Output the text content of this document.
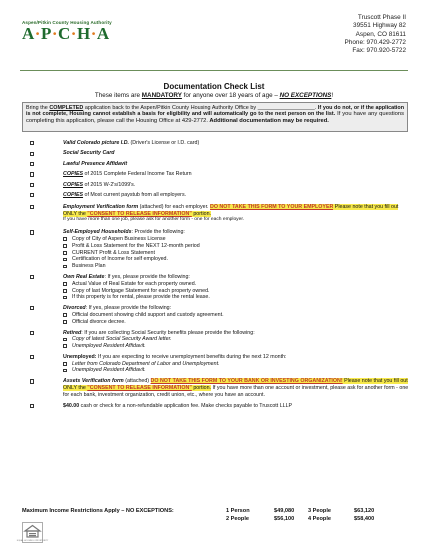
Aspen/Pitkin County Housing Authority
A·P·C·H·A
Truscott Phase II
39551 Highway 82
Aspen, CO 81611
Phone: 970.429-2772
Fax: 970.920-5722
Documentation Check List
These items are MANDATORY for anyone over 18 years of age – NO EXCEPTIONS!
Bring the COMPLETED application back to the Aspen/Pitkin County Housing Authority Office by ___________________. If you do not, or if the application is not complete, Housing cannot establish a basis for eligibility and will automatically go to the next person on the list. If you have any questions completing this application, please call the Housing Office at 429-2772. Additional documentation may be required.
Valid Colorado picture I.D. (Driver's License or I.D. card)
Social Security Card
Lawful Presence Affidavit
COPIES of 2015 Complete Federal Income Tax Return
COPIES of 2015 W-2's/1099's.
COPIES of Most current paystub from all employers.
Employment Verification form (attached) for each employer. DO NOT TAKE THIS FORM TO YOUR EMPLOYER Please note that you fill out ONLY the "CONSENT TO RELEASE INFORMATION" portion.
If you have more than one job, please ask for another form - one for each employer.
Self-Employed Households: Provide the following:
Copy of City of Aspen Business License
Profit & Loss Statement for the NEXT 12-month period
CURRENT Profit & Loss Statement
Certification of Income for self employed.
Business Plan
Own Real Estate: If yes, please provide the following:
Actual Value of Real Estate for each property owned.
Copy of last Mortgage Statement for each property owned.
If this property is for rental, please provide the rental lease.
Divorced: If yes, please provide the following:
Official document showing child support and custody agreement.
Official divorce decree.
Retired: If you are collecting Social Security benefits please provide the following:
Copy of latest Social Security Award letter.
Unemployed Resident Affidavit.
Unemployed: If you are expecting to receive unemployment benefits during the next 12 month:
Letter from Colorado Department of Labor and Unemployment.
Unemployed Resident Affidavit.
Assets Verification form (attached) DO NOT TAKE THIS FORM TO YOUR BANK OR INVESTING ORGANIZATION! Please note that you fill out ONLY the "CONSENT TO RELEASE INFORMATION" portion. If you have more than one account or investment, please ask for another form - one for each bank, investment organization, credit union, etc., where you have an account.
$40.00 cash or check for a non-refundable application fee. Make checks payable to Truscott LLLP
Maximum Income Restrictions Apply – NO EXCEPTIONS:	1 Person	$49,080 3 People	$63,120
2 People	$56,100 4 People	$58,400
EQUAL HOUSING OPPORTUNITY
